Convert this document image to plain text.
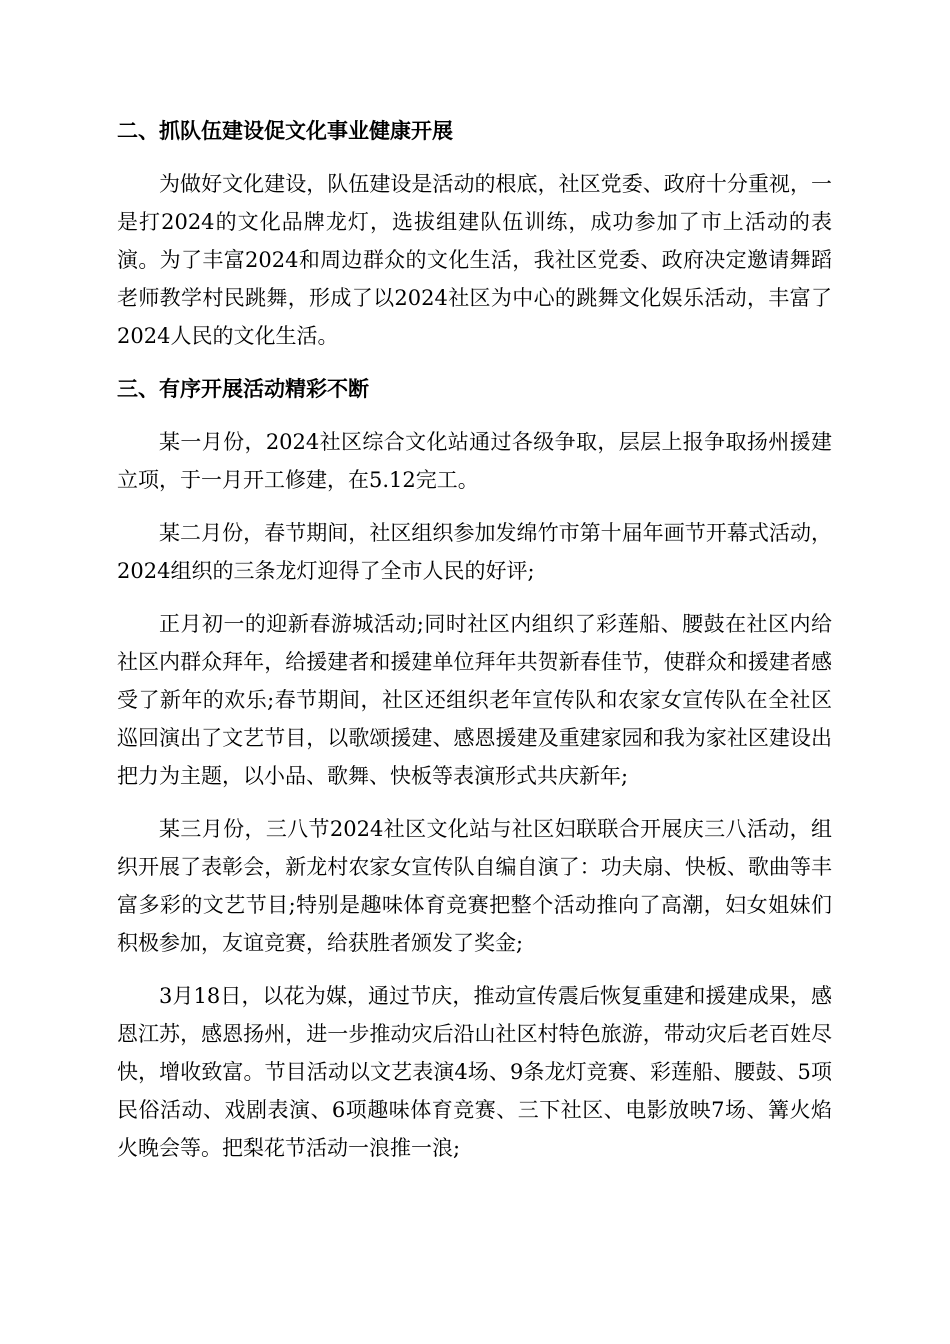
二、抓队伍建设促文化事业健康开展

为做好文化建设，队伍建设是活动的根底，社区党委、政府十分重视，一是打2024的文化品牌龙灯，选拔组建队伍训练，成功参加了市上活动的表演。为了丰富2024和周边群众的文化生活，我社区党委、政府决定邀请舞蹈老师教学村民跳舞，形成了以2024社区为中心的跳舞文化娱乐活动，丰富了2024人民的文化生活。

三、有序开展活动精彩不断

某一月份，2024社区综合文化站通过各级争取，层层上报争取扬州援建立项，于一月开工修建，在5.12完工。

某二月份，春节期间，社区组织参加发绵竹市第十届年画节开幕式活动，2024组织的三条龙灯迎得了全市人民的好评;

正月初一的迎新春游城活动;同时社区内组织了彩莲船、腰鼓在社区内给社区内群众拜年，给援建者和援建单位拜年共贺新春佳节，使群众和援建者感受了新年的欢乐;春节期间，社区还组织老年宣传队和农家女宣传队在全社区巡回演出了文艺节目，以歌颂援建、感恩援建及重建家园和我为家社区建设出把力为主题，以小品、歌舞、快板等表演形式共庆新年;

某三月份，三八节2024社区文化站与社区妇联联合开展庆三八活动，组织开展了表彰会，新龙村农家女宣传队自编自演了：功夫扇、快板、歌曲等丰富多彩的文艺节目;特别是趣味体育竞赛把整个活动推向了高潮，妇女姐妹们积极参加，友谊竞赛，给获胜者颁发了奖金;

3月18日，以花为媒，通过节庆，推动宣传震后恢复重建和援建成果，感恩江苏，感恩扬州，进一步推动灾后沿山社区村特色旅游，带动灾后老百姓尽快，增收致富。节目活动以文艺表演4场、9条龙灯竞赛、彩莲船、腰鼓、5项民俗活动、戏剧表演、6项趣味体育竞赛、三下社区、电影放映7场、篝火焰火晚会等。把梨花节活动一浪推一浪;
